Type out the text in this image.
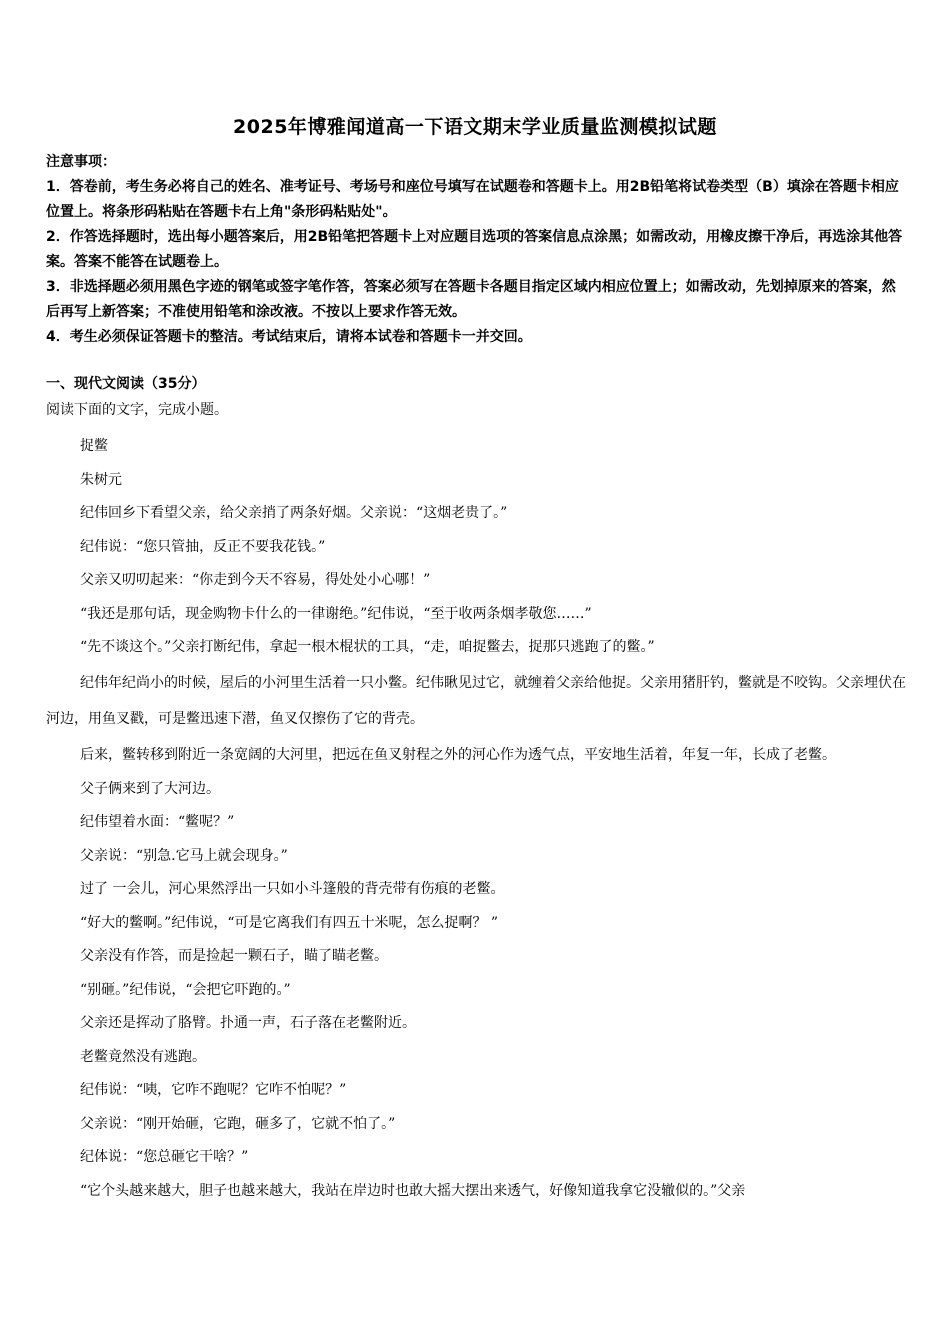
2025年博雅闻道高一下语文期末学业质量监测模拟试题

注意事项：

1．答卷前，考生务必将自己的姓名、准考证号、考场号和座位号填写在试题卷和答题卡上。用2B铅笔将试卷类型（B）填涂在答题卡相应位置上。将条形码粘贴在答题卡右上角"条形码粘贴处"。

2．作答选择题时，选出每小题答案后，用2B铅笔把答题卡上对应题目选项的答案信息点涂黑；如需改动，用橡皮擦干净后，再选涂其他答案。答案不能答在试题卷上。

3．非选择题必须用黑色字迹的钢笔或签字笔作答，答案必须写在答题卡各题目指定区域内相应位置上；如需改动，先划掉原来的答案，然后再写上新答案；不准使用铅笔和涂改液。不按以上要求作答无效。

4．考生必须保证答题卡的整洁。考试结束后，请将本试卷和答题卡一并交回。

一、现代文阅读（35分）
阅读下面的文字，完成小题。

捉鳖

朱树元

纪伟回乡下看望父亲，给父亲捎了两条好烟。父亲说：“这烟老贵了。”

纪伟说：“您只管抽，反正不要我花钱。”

父亲又叨叨起来：“你走到今天不容易，得处处小心哪！”

“我还是那句话，现金购物卡什么的一律谢绝。”纪伟说，“至于收两条烟孝敬您……”

“先不谈这个。”父亲打断纪伟，拿起一根木棍状的工具，“走，咱捉鳖去，捉那只逃跑了的鳖。”

纪伟年纪尚小的时候，屋后的小河里生活着一只小鳖。纪伟瞅见过它，就缠着父亲给他捉。父亲用猪肝钓，鳖就是不咬钩。父亲埋伏在河边，用鱼叉戳，可是鳖迅速下潜，鱼叉仅擦伤了它的背壳。

后来，鳖转移到附近一条宽阔的大河里，把远在鱼叉射程之外的河心作为透气点，平安地生活着，年复一年，长成了老鳖。

父子俩来到了大河边。

纪伟望着水面：“鳖呢？”

父亲说：“别急.它马上就会现身。”

过了 一会儿，河心果然浮出一只如小斗篷般的背壳带有伤痕的老鳖。

“好大的鳖啊。”纪伟说，“可是它离我们有四五十米呢，怎么捉啊？ ”

父亲没有作答，而是捡起一颗石子，瞄了瞄老鳖。

“别砸。”纪伟说，“会把它吓跑的。”

父亲还是挥动了胳臂。扑通一声，石子落在老鳖附近。

老鳖竟然没有逃跑。

纪伟说：“咦，它咋不跑呢？它咋不怕呢？”

父亲说：“刚开始砸，它跑，砸多了，它就不怕了。”

纪体说：“您总砸它干啥？”

“它个头越来越大，胆子也越来越大，我站在岸边时也敢大摇大摆出来透气，好像知道我拿它没辙似的。”父亲
